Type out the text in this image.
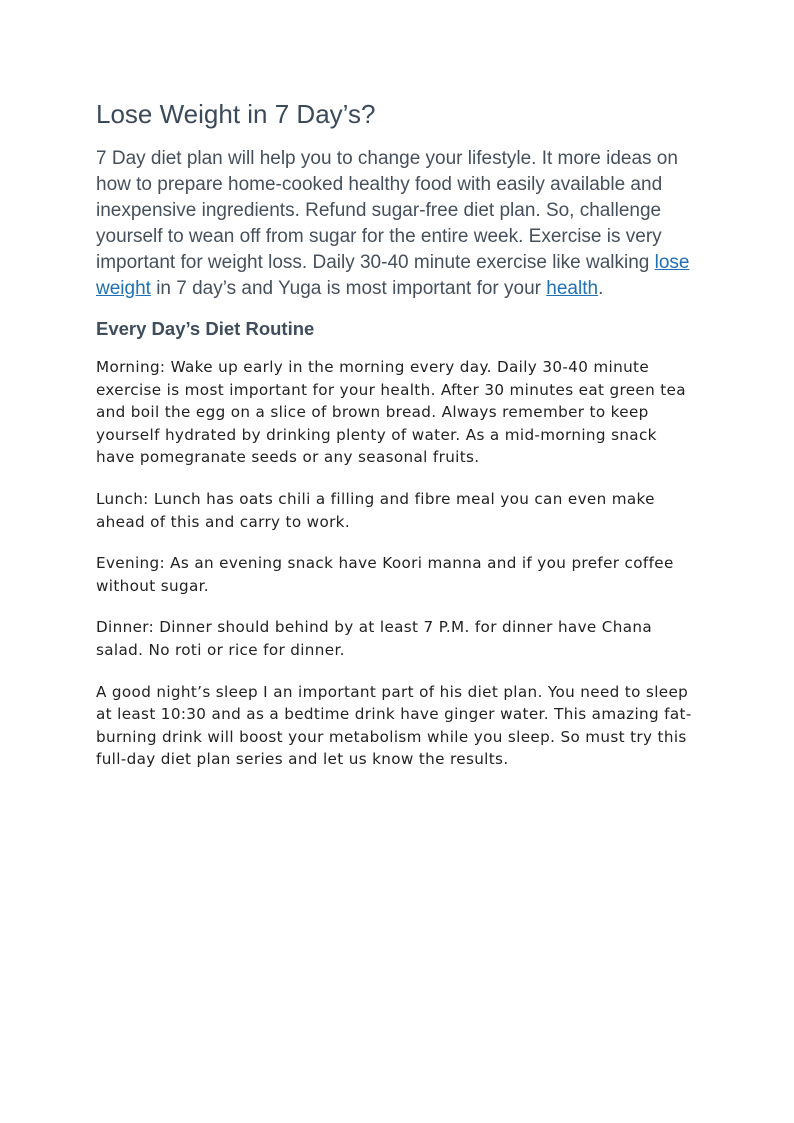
Lose Weight in 7 Day’s?

7 Day diet plan will help you to change your lifestyle. It more ideas on how to prepare home-cooked healthy food with easily available and inexpensive ingredients. Refund sugar-free diet plan. So, challenge yourself to wean off from sugar for the entire week. Exercise is very important for weight loss. Daily 30-40 minute exercise like walking lose weight in 7 day’s and Yuga is most important for your health.

Every Day’s Diet Routine

Morning: Wake up early in the morning every day. Daily 30-40 minute exercise is most important for your health. After 30 minutes eat green tea and boil the egg on a slice of brown bread. Always remember to keep yourself hydrated by drinking plenty of water. As a mid-morning snack have pomegranate seeds or any seasonal fruits.

Lunch: Lunch has oats chili a filling and fibre meal you can even make ahead of this and carry to work.

Evening: As an evening snack have Koori manna and if you prefer coffee without sugar.

Dinner: Dinner should behind by at least 7 P.M. for dinner have Chana salad. No roti or rice for dinner.

A good night’s sleep I an important part of his diet plan. You need to sleep at least 10:30 and as a bedtime drink have ginger water. This amazing fat-burning drink will boost your metabolism while you sleep. So must try this full-day diet plan series and let us know the results.
